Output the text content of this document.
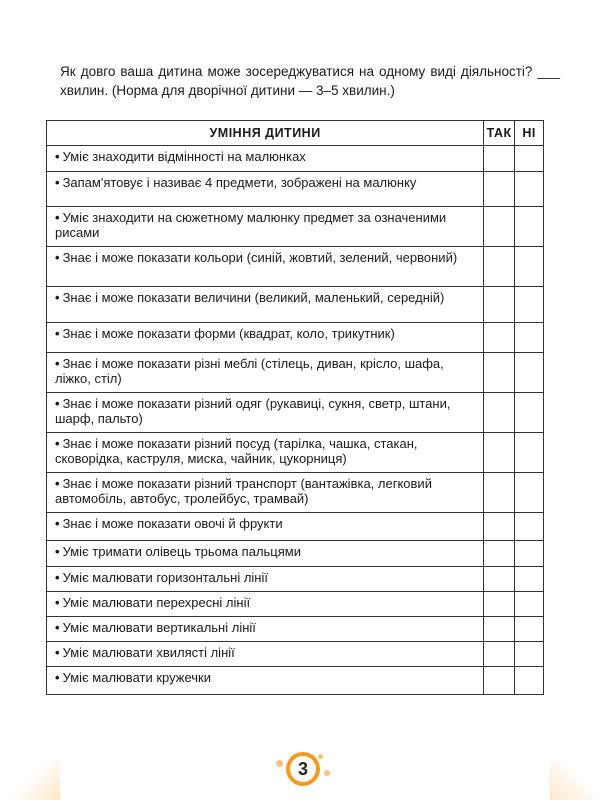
Як довго ваша дитина може зосереджуватися на одному виді діяльності? ___ хвилин. (Норма для дворічної дитини — 3–5 хвилин.)

УМІННЯ ДИТИНИ	ТАК	НІ
• Уміє знаходити відмінності на малюнках		
• Запам'ятовує і називає 4 предмети, зображені на малюнку		
• Уміє знаходити на сюжетному малюнку предмет за означеними рисами		
• Знає і може показати кольори (синій, жовтий, зелений, червоний)		
• Знає і може показати величини (великий, маленький, середній)		
• Знає і може показати форми (квадрат, коло, трикутник)		
• Знає і може показати різні меблі (стілець, диван, крісло, шафа, ліжко, стіл)		
• Знає і може показати різний одяг (рукавиці, сукня, светр, штани, шарф, пальто)		
• Знає і може показати різний посуд (тарілка, чашка, стакан, сковорідка, каструля, миска, чайник, цукорниця)		
• Знає і може показати різний транспорт (вантажівка, легковий автомобіль, автобус, тролейбус, трамвай)		
• Знає і може показати овочі й фрукти		
• Уміє тримати олівець трьома пальцями		
• Уміє малювати горизонтальні лінії		
• Уміє малювати перехресні лінії		
• Уміє малювати вертикальні лінії		
• Уміє малювати хвилясті лінії		
• Уміє малювати кружечки		
3
